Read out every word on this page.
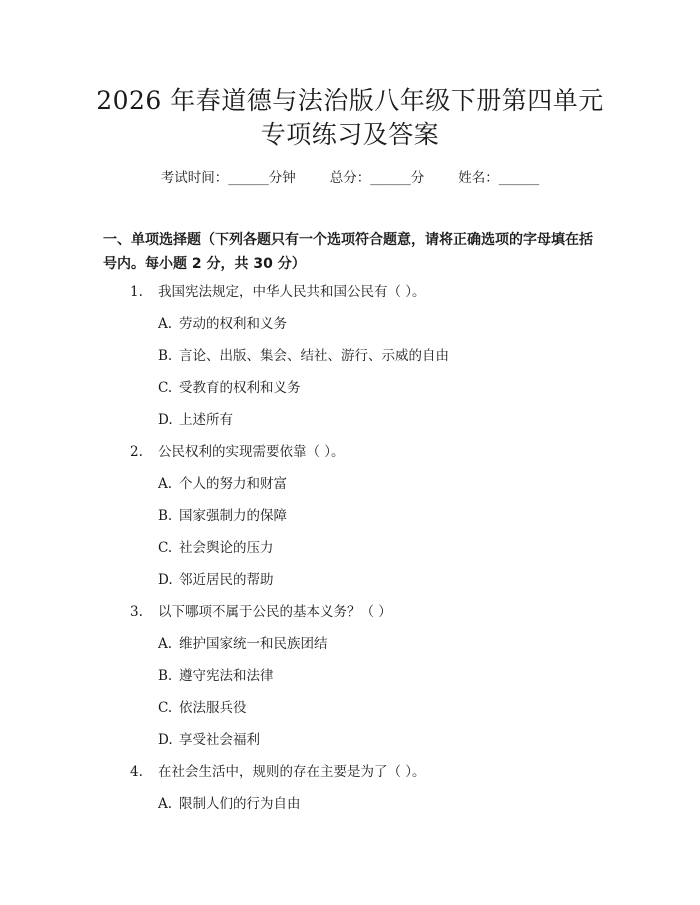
2026 年春道德与法治版八年级下册第四单元
专项练习及答案
考试时间：______分钟	总分：______分	姓名：______
一、单项选择题（下列各题只有一个选项符合题意，请将正确选项的字母填在括号内。每小题 2 分，共 30 分）
1. 我国宪法规定，中华人民共和国公民有（ ）。
A. 劳动的权利和义务
B. 言论、出版、集会、结社、游行、示威的自由
C. 受教育的权利和义务
D. 上述所有
2. 公民权利的实现需要依靠（ ）。
A. 个人的努力和财富
B. 国家强制力的保障
C. 社会舆论的压力
D. 邻近居民的帮助
3. 以下哪项不属于公民的基本义务？（ ）
A. 维护国家统一和民族团结
B. 遵守宪法和法律
C. 依法服兵役
D. 享受社会福利
4. 在社会生活中，规则的存在主要是为了（ ）。
A. 限制人们的行为自由
